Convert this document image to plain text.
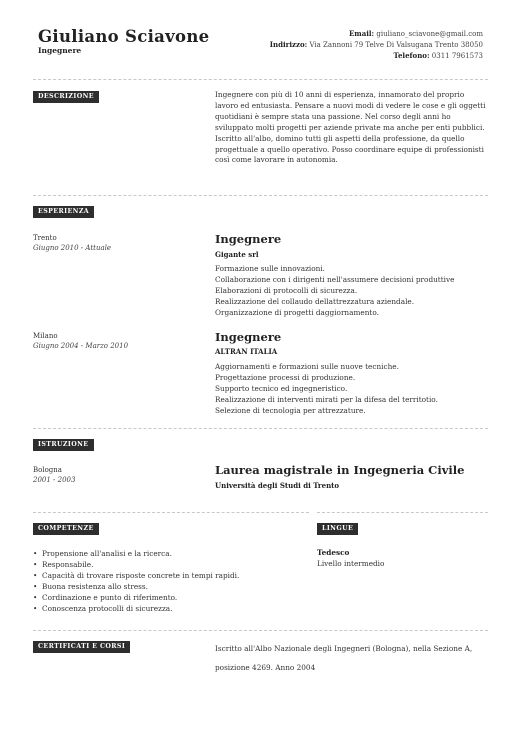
Giuliano Sciavone
Ingegnere
Email: giuliano_sciavone@gmail.com
Indirizzo: Via Zannoni 79 Telve Di Valsugana Trento 38050
Telefono: 0311 7961573
DESCRIZIONE	Ingegnere con più di 10 anni di esperienza, innamorato del proprio
lavoro ed entusiasta. Pensare a nuovi modi di vedere le cose e gli oggetti
quotidiani è sempre stata una passione. Nel corso degli anni ho
sviluppato molti progetti per aziende private ma anche per enti pubblici.
Iscritto all'albo, domino tutti gli aspetti della professione, da quello
progettuale a quello operativo. Posso coordinare equipe di professionisti
così come lavorare in autonomia.
ESPERIENZA
Trento
Giugno 2010 - Attuale
Ingegnere
Gigante srl
Formazione sulle innovazioni.
Collaborazione con i dirigenti nell'assumere decisioni produttive
Elaborazioni di protocolli di sicurezza.
Realizzazione del collaudo dellattrezzatura aziendale.
Organizzazione di progetti daggiornamento.
Milano
Giugno 2004 - Marzo 2010
Ingegnere
ALTRAN ITALIA
Aggiornamenti e formazioni sulle nuove tecniche.
Progettazione processi di produzione.
Supporto tecnico ed ingegneristico.
Realizzazione di interventi mirati per la difesa del territotio.
Selezione di tecnologia per attrezzature.
ISTRUZIONE
Bologna
2001 - 2003
Laurea magistrale in Ingegneria Civile
Università degli Studi di Trento
COMPETENZE
• Propensione all'analisi e la ricerca.
• Responsabile.
• Capacità di trovare risposte concrete in tempi rapidi.
• Buona resistenza allo stress.
• Cordinazione e punto di riferimento.
• Conoscenza protocolli di sicurezza.
LINGUE
Tedesco
Livello intermedio
CERTIFICATI E CORSI	Iscritto all'Albo Nazionale degli Ingegneri (Bologna), nella Sezione A,
posizione 4269. Anno 2004
